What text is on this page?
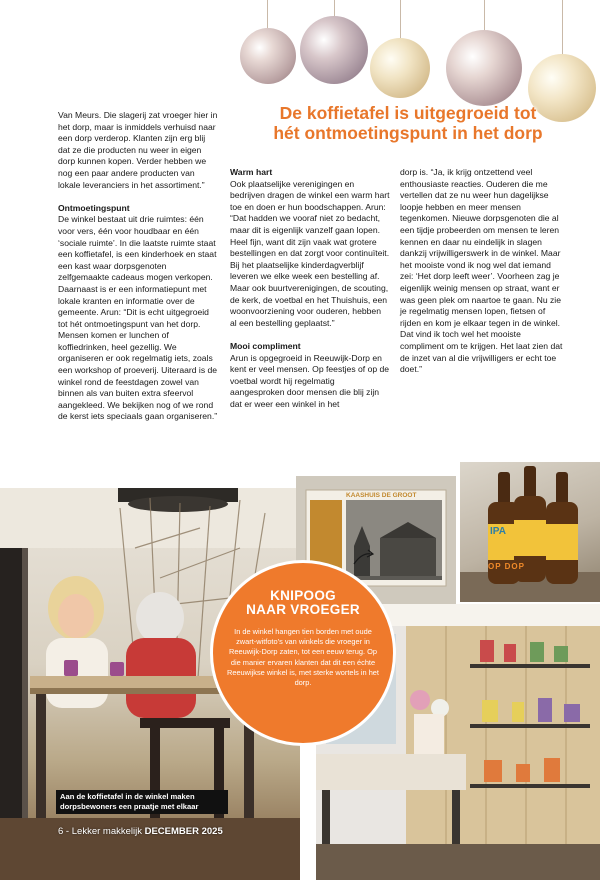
De koffietafel is uitgegroeid tot
hét ontmoetingspunt in het dorp

Van Meurs. Die slagerij zat vroeger hier in het dorp, maar is inmiddels verhuisd naar een dorp verderop. Klanten zijn erg blij dat ze die producten nu weer in eigen dorp kunnen kopen. Verder hebben we nog een paar andere producten van lokale leveranciers in het assortiment.”

Ontmoetingspunt

De winkel bestaat uit drie ruimtes: één voor vers, één voor houdbaar en één ‘sociale ruimte’. In die laatste ruimte staat een koffietafel, is een kinderhoek en staat een kast waar dorpsgenoten zelfgemaakte cadeaus mogen verkopen. Daarnaast is er een informatiepunt met lokale kranten en informatie over de gemeente. Arun: “Dit is echt uitgegroeid tot hét ontmoetingspunt van het dorp. Mensen komen er lunchen of koffiedrinken, heel gezellig. We organiseren er ook regelmatig iets, zoals een workshop of proeverij. Uiteraard is de winkel rond de feestdagen zowel van binnen als van buiten extra sfeervol aangekleed. We bekijken nog of we rond de kerst iets speciaals gaan organiseren.”

Warm hart

Ook plaatselijke verenigingen en bedrijven dragen de winkel een warm hart toe en doen er hun boodschappen. Arun: “Dat hadden we vooraf niet zo bedacht, maar dit is eigenlijk vanzelf gaan lopen. Heel fijn, want dit zijn vaak wat grotere bestellingen en dat zorgt voor continuïteit. Bij het plaatselijke kinderdagverblijf leveren we elke week een bestelling af. Maar ook buurtverenigingen, de scouting, de kerk, de voetbal en het Thuishuis, een woonvoorziening voor ouderen, hebben al een bestelling geplaatst.”

Mooi compliment

Arun is opgegroeid in Reeuwijk-Dorp en kent er veel mensen. Op feestjes of op de voetbal wordt hij regelmatig aangesproken door mensen die blij zijn dat er weer een winkel in het

dorp is. “Ja, ik krijg ontzettend veel enthousiaste reacties. Ouderen die me vertellen dat ze nu weer hun dagelijkse loopje hebben en meer mensen tegenkomen. Nieuwe dorpsgenoten die al een tijdje probeerden om mensen te leren kennen en daar nu eindelijk in slagen dankzij vrijwilligerswerk in de winkel. Maar het mooiste vond ik nog wel dat iemand zei: ‘Het dorp leeft weer’. Voorheen zag je eigenlijk weinig mensen op straat, want er was geen plek om naartoe te gaan. Nu zie je regelmatig mensen lopen, fietsen of rijden en kom je elkaar tegen in de winkel. Dat vind ik toch wel het mooiste compliment om te krijgen. Het laat zien dat de inzet van al die vrijwilligers er echt toe doet.”

KAASHUIS DE GROOT
IPA
OP DOP
KNIPOOG
NAAR VROEGER
In de winkel hangen tien borden met oude zwart-witfoto’s van winkels die vroeger in Reeuwijk-Dorp zaten, tot een eeuw terug. Op die manier ervaren klanten dat dit een échte Reeuwijkse winkel is, met sterke wortels in het dorp.
Aan de koffietafel in de winkel maken dorpsbewoners een praatje met elkaar
6 - Lekker makkelijk DECEMBER 2025
